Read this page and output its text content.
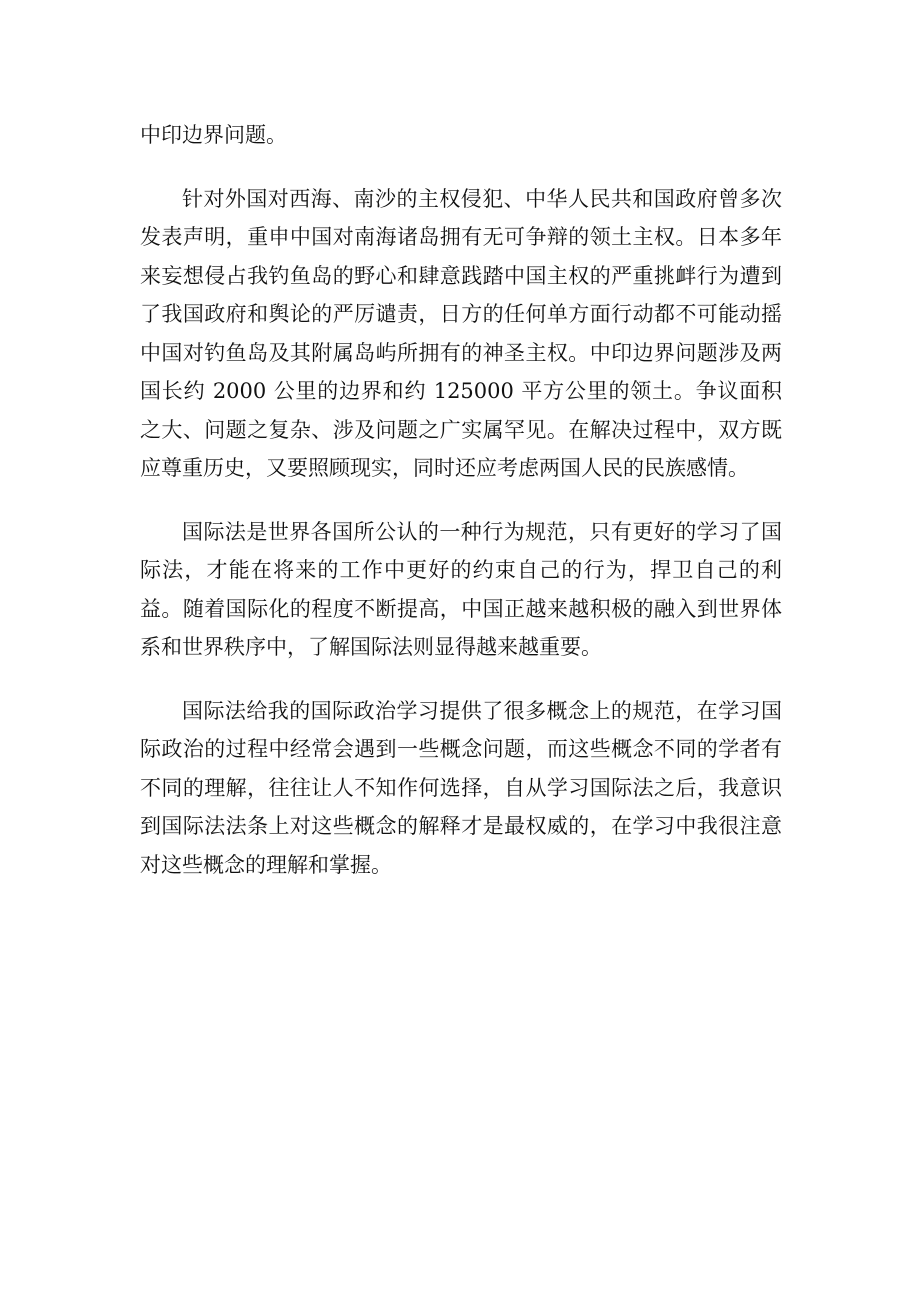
中印边界问题。

针对外国对西海、南沙的主权侵犯、中华人民共和国政府曾多次发表声明，重申中国对南海诸岛拥有无可争辩的领土主权。日本多年来妄想侵占我钓鱼岛的野心和肆意践踏中国主权的严重挑衅行为遭到了我国政府和舆论的严厉谴责，日方的任何单方面行动都不可能动摇中国对钓鱼岛及其附属岛屿所拥有的神圣主权。中印边界问题涉及两国长约 2000 公里的边界和约 125000 平方公里的领土。争议面积之大、问题之复杂、涉及问题之广实属罕见。在解决过程中，双方既应尊重历史，又要照顾现实，同时还应考虑两国人民的民族感情。

国际法是世界各国所公认的一种行为规范，只有更好的学习了国际法，才能在将来的工作中更好的约束自己的行为，捍卫自己的利益。随着国际化的程度不断提高，中国正越来越积极的融入到世界体系和世界秩序中，了解国际法则显得越来越重要。

国际法给我的国际政治学习提供了很多概念上的规范，在学习国际政治的过程中经常会遇到一些概念问题，而这些概念不同的学者有不同的理解，往往让人不知作何选择，自从学习国际法之后，我意识到国际法法条上对这些概念的解释才是最权威的，在学习中我很注意对这些概念的理解和掌握。
